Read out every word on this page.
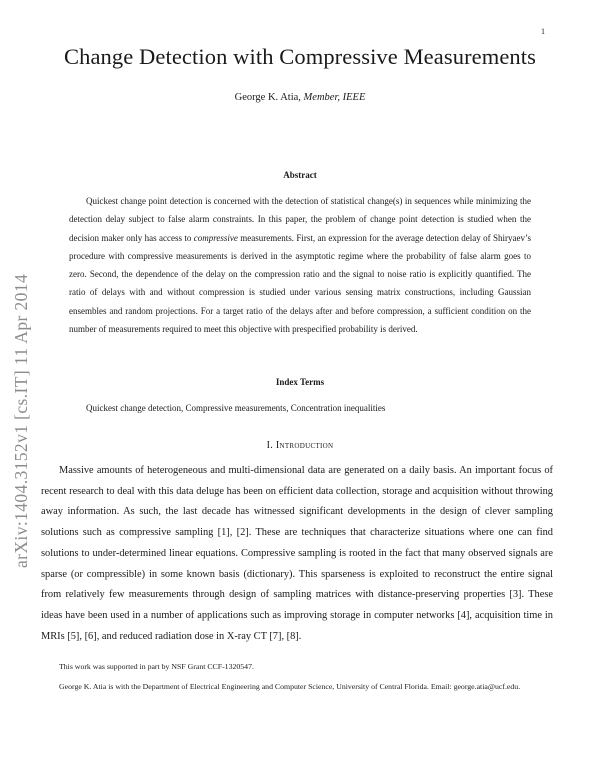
1
Change Detection with Compressive Measurements
George K. Atia, Member, IEEE
Abstract
Quickest change point detection is concerned with the detection of statistical change(s) in sequences while minimizing the detection delay subject to false alarm constraints. In this paper, the problem of change point detection is studied when the decision maker only has access to compressive measurements. First, an expression for the average detection delay of Shiryaev’s procedure with compressive measurements is derived in the asymptotic regime where the probability of false alarm goes to zero. Second, the dependence of the delay on the compression ratio and the signal to noise ratio is explicitly quantified. The ratio of delays with and without compression is studied under various sensing matrix constructions, including Gaussian ensembles and random projections. For a target ratio of the delays after and before compression, a sufficient condition on the number of measurements required to meet this objective with prespecified probability is derived.
Index Terms
Quickest change detection, Compressive measurements, Concentration inequalities
I. Introduction
Massive amounts of heterogeneous and multi-dimensional data are generated on a daily basis. An important focus of recent research to deal with this data deluge has been on efficient data collection, storage and acquisition without throwing away information. As such, the last decade has witnessed significant developments in the design of clever sampling solutions such as compressive sampling [1], [2]. These are techniques that characterize situations where one can find solutions to under-determined linear equations. Compressive sampling is rooted in the fact that many observed signals are sparse (or compressible) in some known basis (dictionary). This sparseness is exploited to reconstruct the entire signal from relatively few measurements through design of sampling matrices with distance-preserving properties [3]. These ideas have been used in a number of applications such as improving storage in computer networks [4], acquisition time in MRIs [5], [6], and reduced radiation dose in X-ray CT [7], [8].
This work was supported in part by NSF Grant CCF-1320547.
George K. Atia is with the Department of Electrical Engineering and Computer Science, University of Central Florida. Email: george.atia@ucf.edu.
arXiv:1404.3152v1 [cs.IT] 11 Apr 2014
